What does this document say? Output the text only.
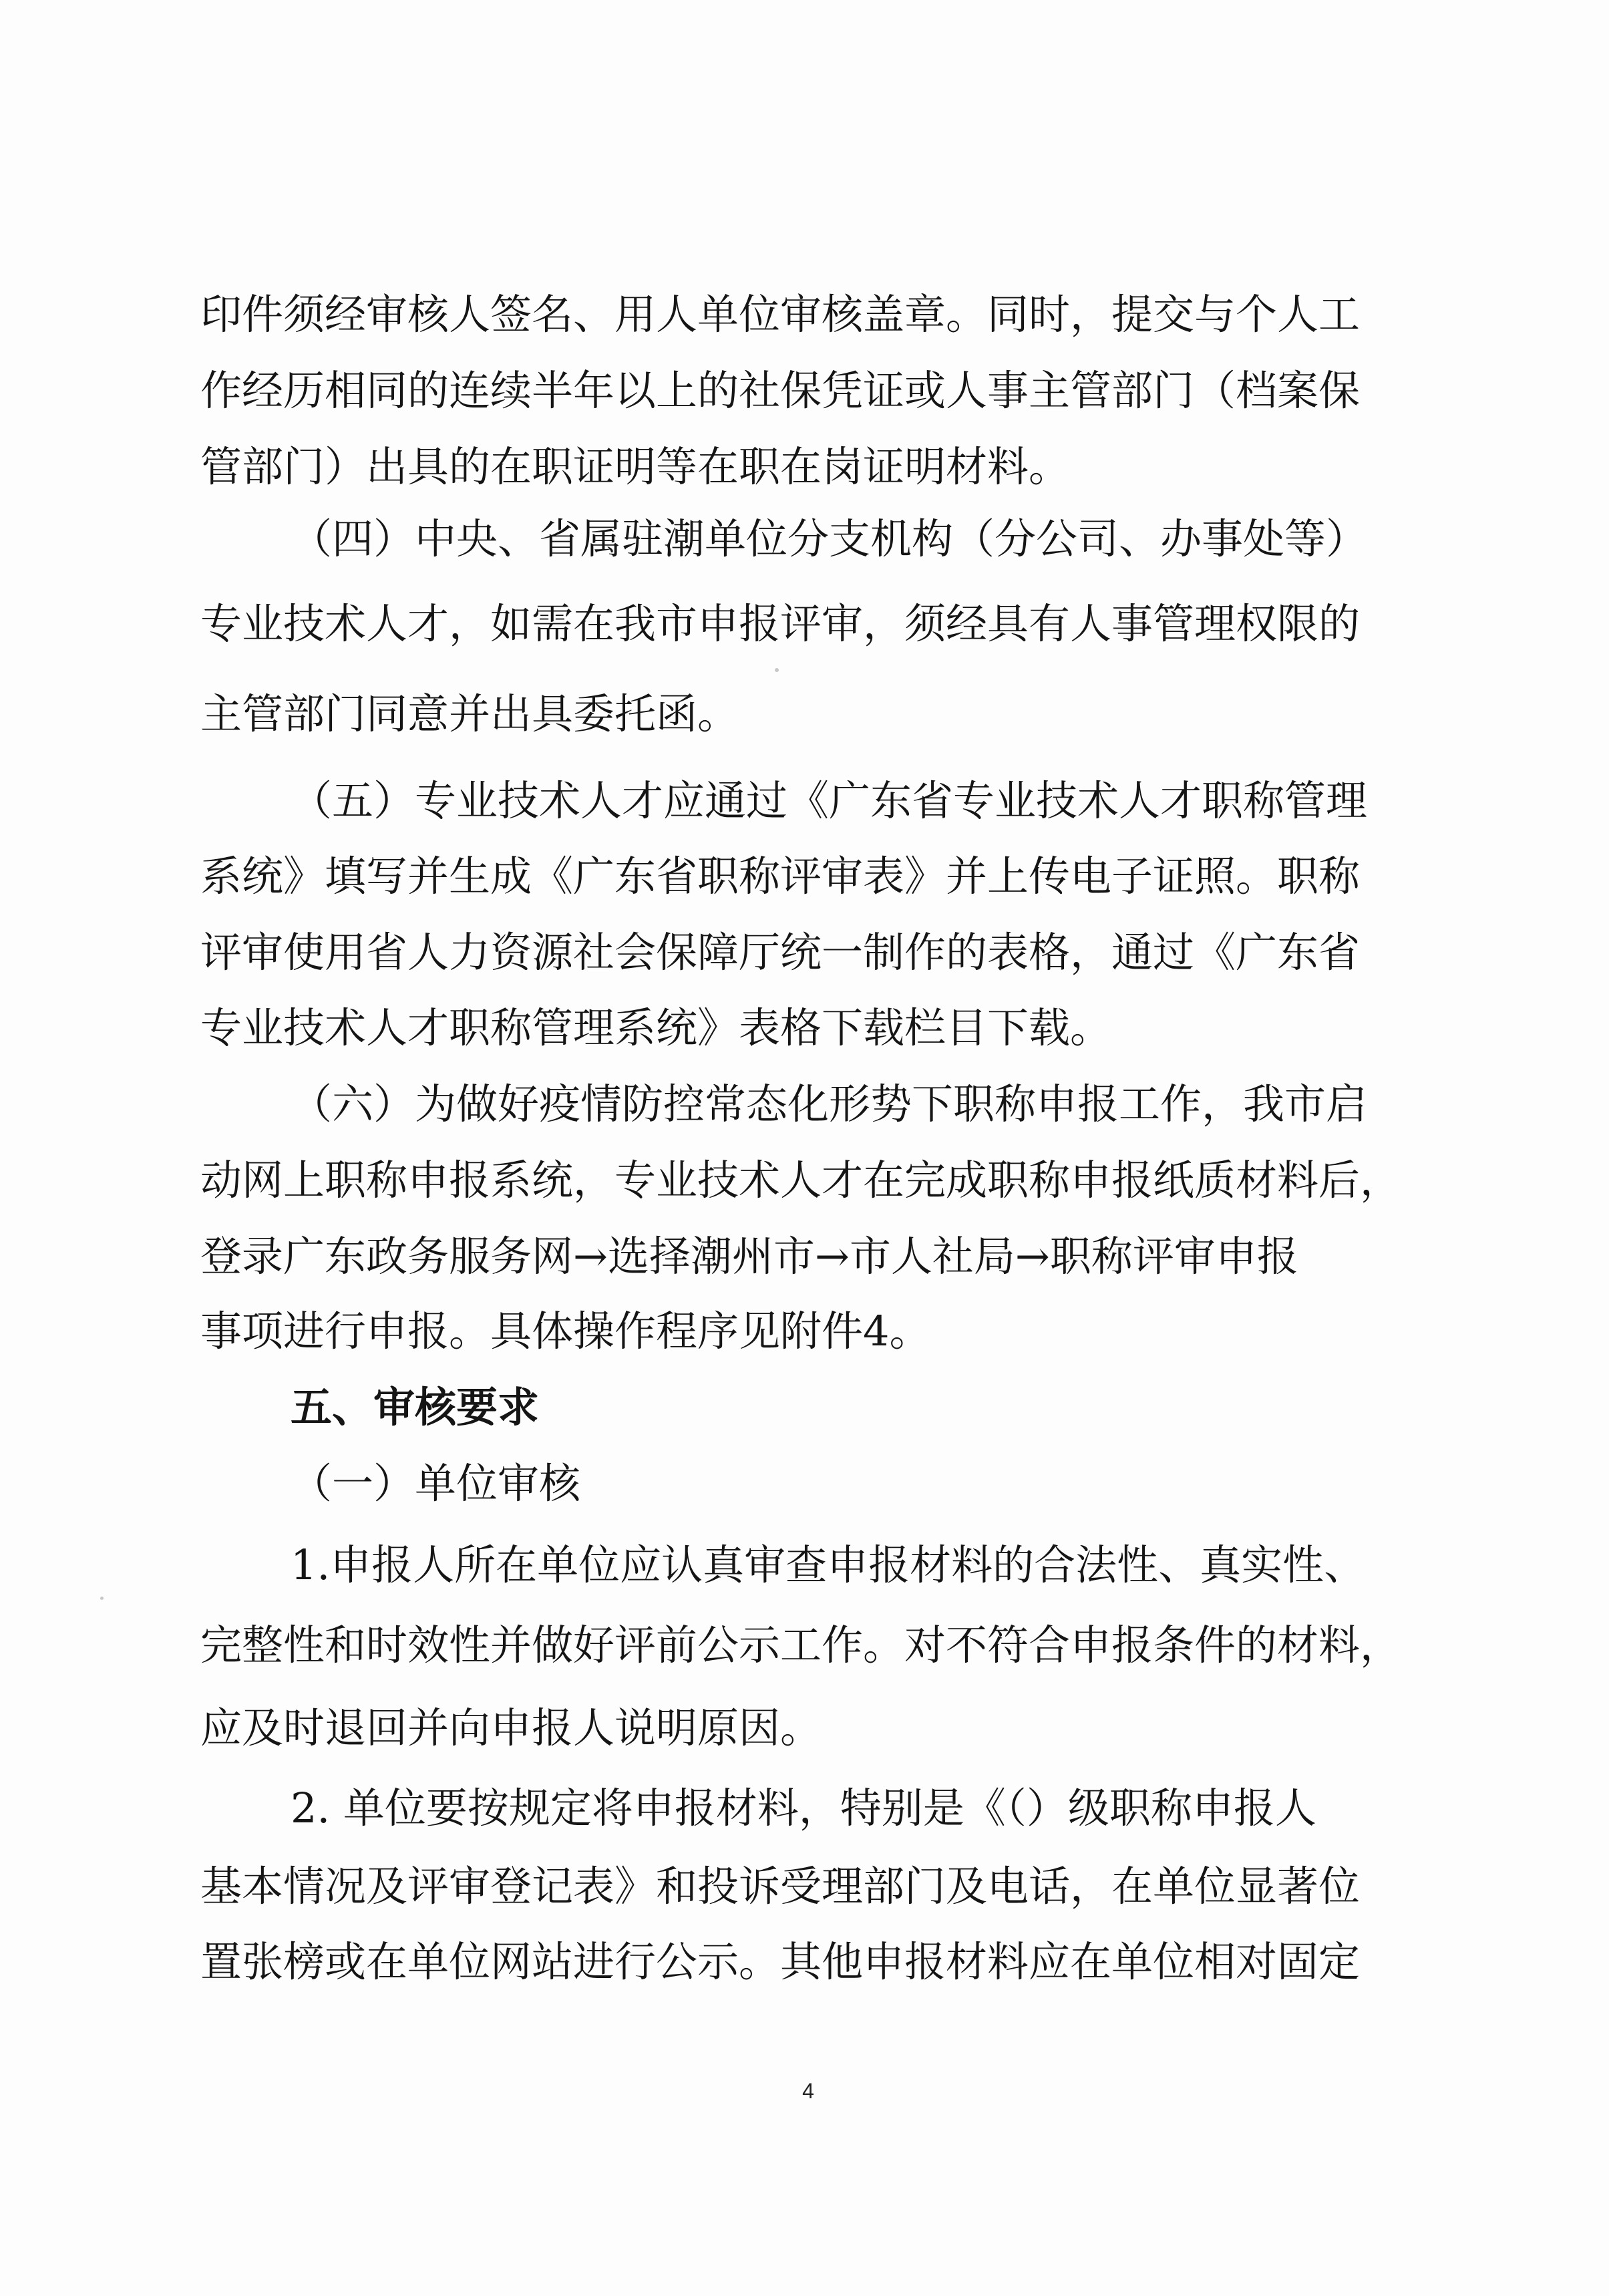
印件须经审核人签名、用人单位审核盖章。同时，提交与个人工
作经历相同的连续半年以上的社保凭证或人事主管部门（档案保
管部门）出具的在职证明等在职在岗证明材料。
（四）中央、省属驻潮单位分支机构（分公司、办事处等）
专业技术人才，如需在我市申报评审，须经具有人事管理权限的
主管部门同意并出具委托函。
（五）专业技术人才应通过《广东省专业技术人才职称管理
系统》填写并生成《广东省职称评审表》并上传电子证照。职称
评审使用省人力资源社会保障厅统一制作的表格，通过《广东省
专业技术人才职称管理系统》表格下载栏目下载。
（六）为做好疫情防控常态化形势下职称申报工作，我市启
动网上职称申报系统，专业技术人才在完成职称申报纸质材料后，
登录广东政务服务网→选择潮州市→市人社局→职称评审申报
事项进行申报。具体操作程序见附件4。
五、审核要求
（一）单位审核
1.申报人所在单位应认真审查申报材料的合法性、真实性、
完整性和时效性并做好评前公示工作。对不符合申报条件的材料，
应及时退回并向申报人说明原因。
2. 单位要按规定将申报材料，特别是《（）级职称申报人
基本情况及评审登记表》和投诉受理部门及电话，在单位显著位
置张榜或在单位网站进行公示。其他申报材料应在单位相对固定
4
